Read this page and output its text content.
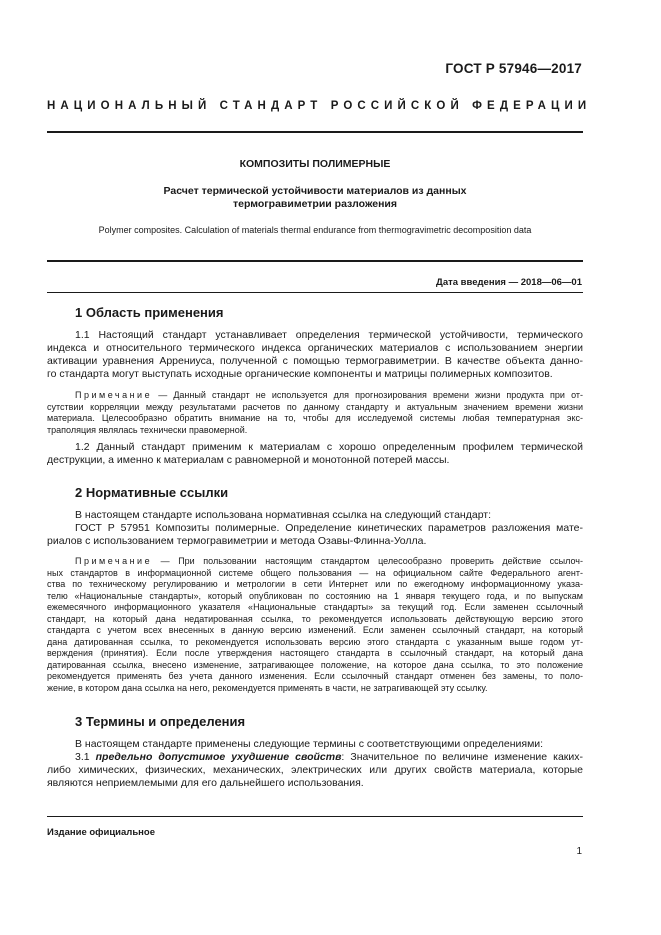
ГОСТ Р 57946—2017
НАЦИОНАЛЬНЫЙ СТАНДАРТ РОССИЙСКОЙ ФЕДЕРАЦИИ
КОМПОЗИТЫ ПОЛИМЕРНЫЕ
Расчет термической устойчивости материалов из данных
термогравиметрии разложения
Polymer composites. Calculation of materials thermal endurance from thermogravimetric decomposition data
Дата введения — 2018—06—01
1 Область применения
1.1 Настоящий стандарт устанавливает определения термической устойчивости, термического
индекса и относительного термического индекса органических материалов с использованием энергии
активации уравнения Аррениуса, полученной с помощью термогравиметрии. В качестве объекта данно-
го стандарта могут выступать исходные органические компоненты и матрицы полимерных композитов.
Примечание — Данный стандарт не используется для прогнозирования времени жизни продукта при от-
сутствии корреляции между результатами расчетов по данному стандарту и актуальным значением времени жизни
материала. Целесообразно обратить внимание на то, чтобы для исследуемой системы любая температурная экс-
траполяция являлась технически правомерной.
1.2 Данный стандарт применим к материалам с хорошо определенным профилем термической
деструкции, а именно к материалам с равномерной и монотонной потерей массы.
2 Нормативные ссылки
В настоящем стандарте использована нормативная ссылка на следующий стандарт:
ГОСТ Р 57951 Композиты полимерные. Определение кинетических параметров разложения мате-
риалов с использованием термогравиметрии и метода Озавы-Флинна-Уолла.
Примечание — При пользовании настоящим стандартом целесообразно проверить действие ссылоч-
ных стандартов в информационной системе общего пользования — на официальном сайте Федерального агент-
ства по техническому регулированию и метрологии в сети Интернет или по ежегодному информационному указа-
телю «Национальные стандарты», который опубликован по состоянию на 1 января текущего года, и по выпускам
ежемесячного информационного указателя «Национальные стандарты» за текущий год. Если заменен ссылочный
стандарт, на который дана недатированная ссылка, то рекомендуется использовать действующую версию этого
стандарта с учетом всех внесенных в данную версию изменений. Если заменен ссылочный стандарт, на который
дана датированная ссылка, то рекомендуется использовать версию этого стандарта с указанным выше годом ут-
верждения (принятия). Если после утверждения настоящего стандарта в ссылочный стандарт, на который дана
датированная ссылка, внесено изменение, затрагивающее положение, на которое дана ссылка, то это положение
рекомендуется применять без учета данного изменения. Если ссылочный стандарт отменен без замены, то поло-
жение, в котором дана ссылка на него, рекомендуется применять в части, не затрагивающей эту ссылку.
3 Термины и определения
В настоящем стандарте применены следующие термины с соответствующими определениями:
3.1 предельно допустимое ухудшение свойств: Значительное по величине изменение каких-
либо химических, физических, механических, электрических или других свойств материала, которые
являются неприемлемыми для его дальнейшего использования.
Издание официальное
1
